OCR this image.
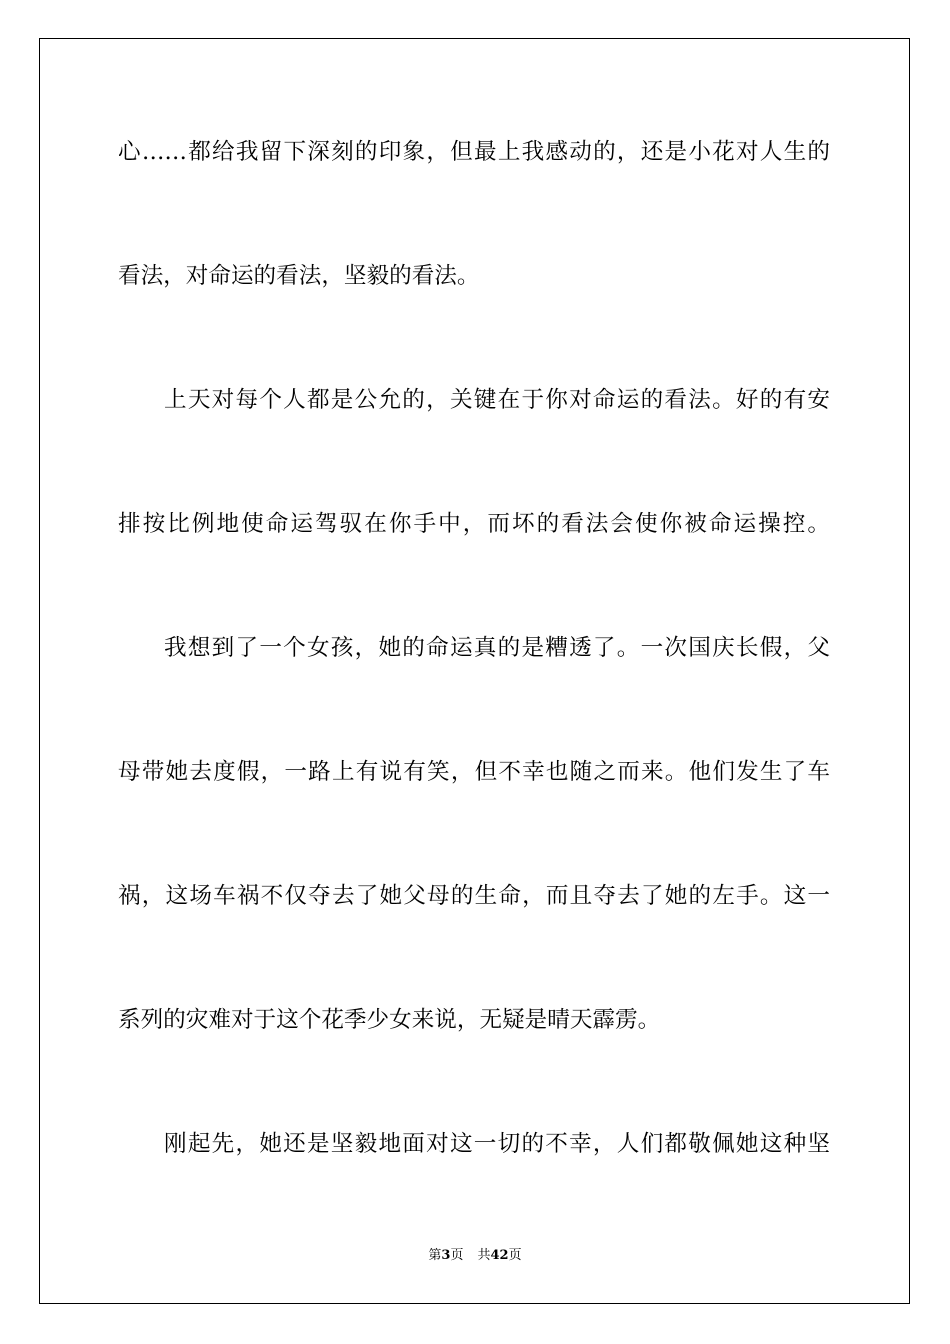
心……都给我留下深刻的印象，但最上我感动的，还是小花对人生的

看法，对命运的看法，坚毅的看法。

上天对每个人都是公允的，关键在于你对命运的看法。好的有安

排按比例地使命运驾驭在你手中，而坏的看法会使你被命运操控。

我想到了一个女孩，她的命运真的是糟透了。一次国庆长假，父

母带她去度假，一路上有说有笑，但不幸也随之而来。他们发生了车

祸，这场车祸不仅夺去了她父母的生命，而且夺去了她的左手。这一

系列的灾难对于这个花季少女来说，无疑是晴天霹雳。

刚起先，她还是坚毅地面对这一切的不幸，人们都敬佩她这种坚

第3页 共42页
